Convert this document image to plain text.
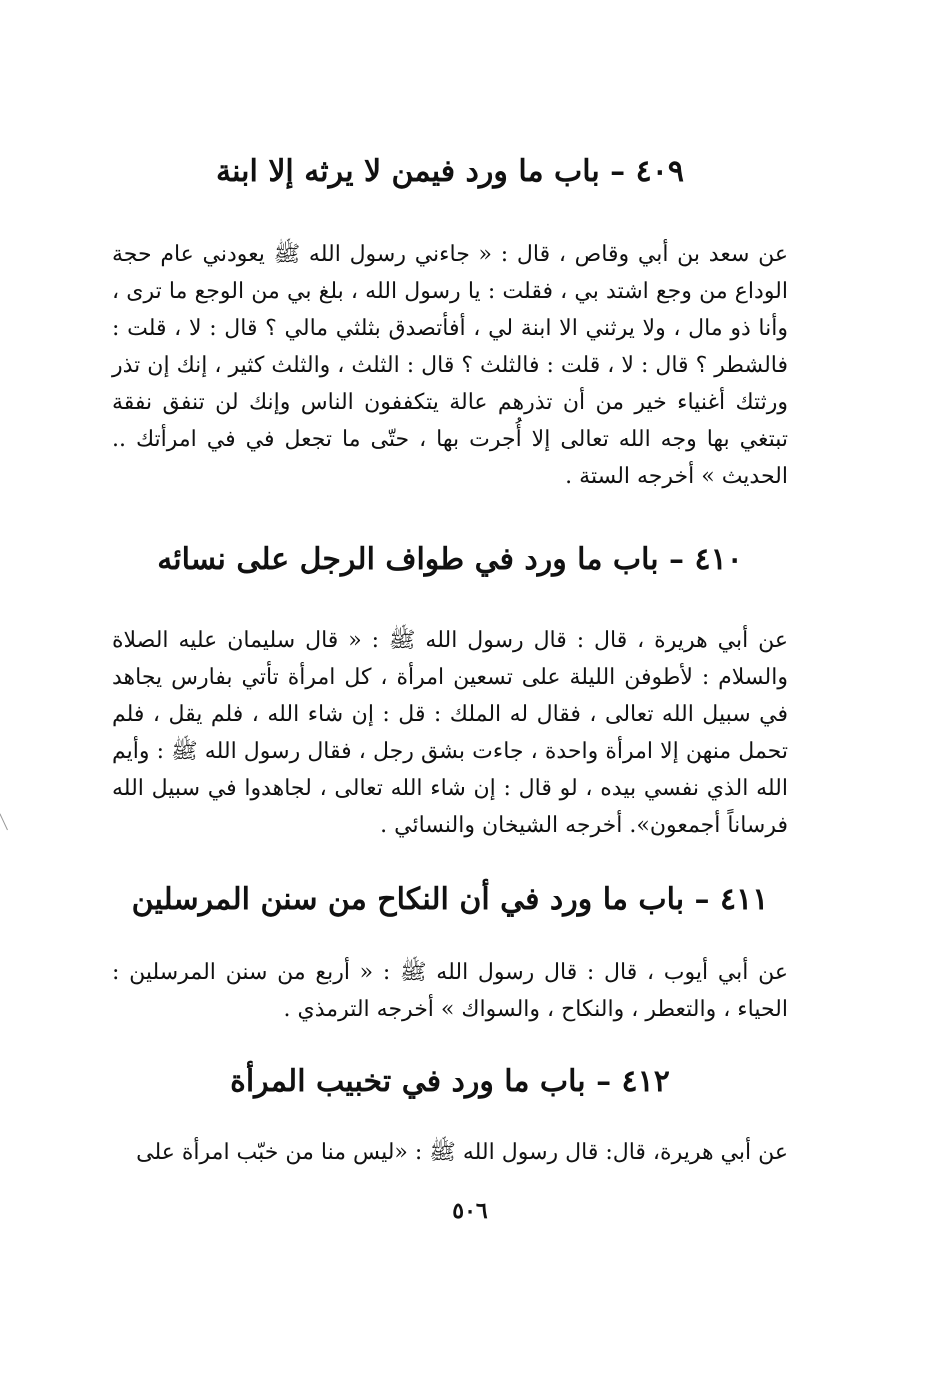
٤٠٩ – باب ما ورد فيمن لا يرثه إلا ابنة

عن سعد بن أبي وقاص ، قال : « جاءني رسول الله ﷺ يعودني عام حجة الوداع من وجع اشتد بي ، فقلت : يا رسول الله ، بلغ بي من الوجع ما ترى ، وأنا ذو مال ، ولا يرثني الا ابنة لي ، أفأتصدق بثلثي مالي ؟ قال : لا ، قلت : فالشطر ؟ قال : لا ، قلت : فالثلث ؟ قال : الثلث ، والثلث كثير ، إنك إن تذر ورثتك أغنياء خير من أن تذرهم عالة يتكففون الناس وإنك لن تنفق نفقة تبتغي بها وجه الله تعالى إلا أُجرت بها ، حتّى ما تجعل في في امرأتك .. الحديث » أخرجه الستة .

٤١٠ – باب ما ورد في طواف الرجل على نسائه

عن أبي هريرة ، قال : قال رسول الله ﷺ : « قال سليمان عليه الصلاة والسلام : لأطوفن الليلة على تسعين امرأة ، كل امرأة تأتي بفارس يجاهد في سبيل الله تعالى ، فقال له الملك : قل : إن شاء الله ، فلم يقل ، فلم تحمل منهن إلا امرأة واحدة ، جاءت بشق رجل ، فقال رسول الله ﷺ : وأيم الله الذي نفسي بيده ، لو قال : إن شاء الله تعالى ، لجاهدوا في سبيل الله فرساناً أجمعون». أخرجه الشيخان والنسائي .

٤١١ – باب ما ورد في أن النكاح من سنن المرسلين

عن أبي أيوب ، قال : قال رسول الله ﷺ : « أربع من سنن المرسلين : الحياء ، والتعطر ، والنكاح ، والسواك » أخرجه الترمذي .

٤١٢ – باب ما ورد في تخبيب المرأة

عن أبي هريرة، قال: قال رسول الله ﷺ : «ليس منا من خبّب امرأة على

٥٠٦
